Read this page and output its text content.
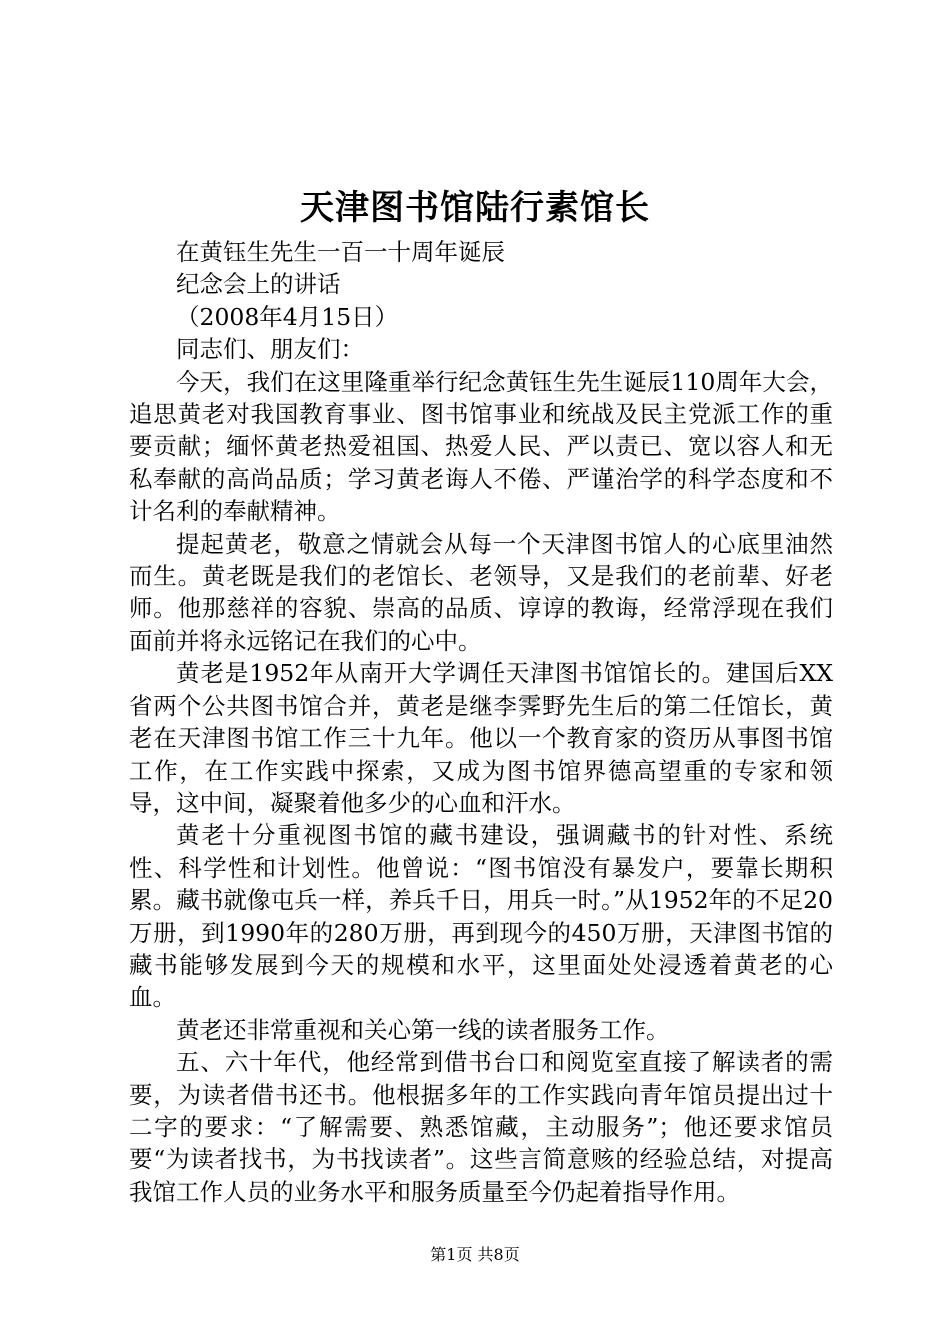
天津图书馆陆行素馆长

在黄钰生先生一百一十周年诞辰

纪念会上的讲话

（2008年4月15日）

同志们、朋友们：

今天，我们在这里隆重举行纪念黄钰生先生诞辰110周年大会，追思黄老对我国教育事业、图书馆事业和统战及民主党派工作的重要贡献；缅怀黄老热爱祖国、热爱人民、严以责已、宽以容人和无私奉献的高尚品质；学习黄老诲人不倦、严谨治学的科学态度和不计名利的奉献精神。

提起黄老，敬意之情就会从每一个天津图书馆人的心底里油然而生。黄老既是我们的老馆长、老领导，又是我们的老前辈、好老师。他那慈祥的容貌、崇高的品质、谆谆的教诲，经常浮现在我们面前并将永远铭记在我们的心中。

黄老是1952年从南开大学调任天津图书馆馆长的。建国后XX省两个公共图书馆合并，黄老是继李霁野先生后的第二任馆长，黄老在天津图书馆工作三十九年。他以一个教育家的资历从事图书馆工作，在工作实践中探索，又成为图书馆界德高望重的专家和领导，这中间，凝聚着他多少的心血和汗水。

黄老十分重视图书馆的藏书建设，强调藏书的针对性、系统性、科学性和计划性。他曾说：“图书馆没有暴发户，要靠长期积累。藏书就像屯兵一样，养兵千日，用兵一时。”从1952年的不足20万册，到1990年的280万册，再到现今的450万册，天津图书馆的藏书能够发展到今天的规模和水平，这里面处处浸透着黄老的心血。

黄老还非常重视和关心第一线的读者服务工作。

五、六十年代，他经常到借书台口和阅览室直接了解读者的需要，为读者借书还书。他根据多年的工作实践向青年馆员提出过十二字的要求：“了解需要、熟悉馆藏，主动服务”；他还要求馆员要“为读者找书，为书找读者”。这些言简意赅的经验总结，对提高我馆工作人员的业务水平和服务质量至今仍起着指导作用。

第1页 共8页
